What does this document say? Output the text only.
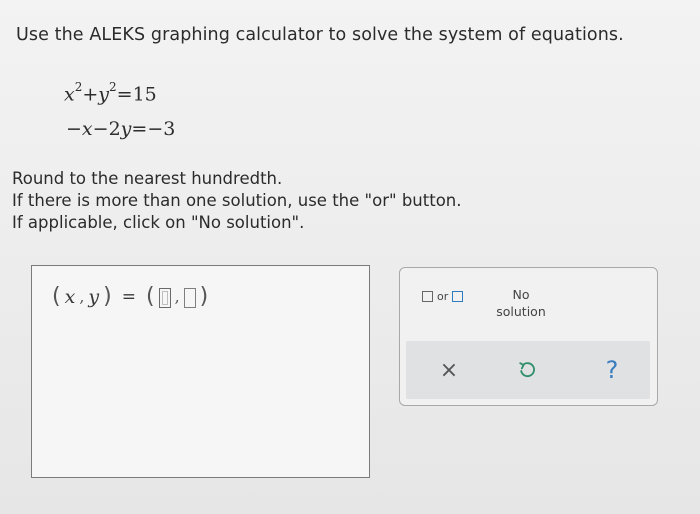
Use the ALEKS graphing calculator to solve the system of equations.
$x^2+y^2=15$
−x−2y=−3
Round to the nearest hundredth.
If there is more than one solution, use the "or" button.
If applicable, click on "No solution".
( x , y ) = ( , )	or	No
solution
×	?
